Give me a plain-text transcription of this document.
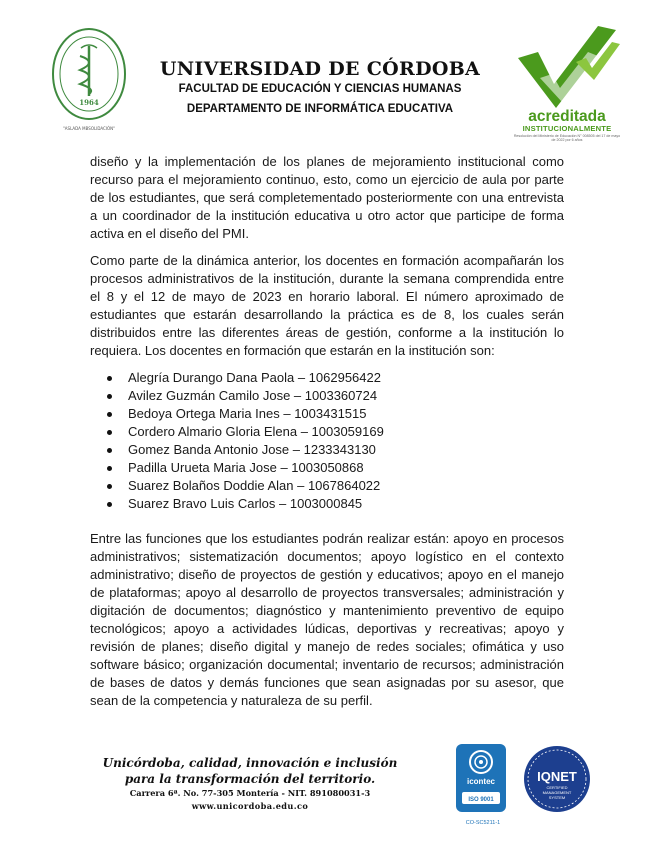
1964
"ASLADA MBSOLIDACIÓN"
UNIVERSIDAD DE CÓRDOBA
FACULTAD DE EDUCACIÓN Y CIENCIAS HUMANAS
DEPARTAMENTO DE INFORMÁTICA EDUCATIVA	acreditada
INSTITUCIONALMENTE
Resolución del Ministerio de Educación N° 008505 del 17 de mayo de 2022 por 6 años
diseño y la implementación de los planes de mejoramiento institucional como recurso para el mejoramiento continuo, esto, como un ejercicio de aula por parte de los estudiantes, que será completementado posteriormente con una entrevista a un coordinador de la institución educativa u otro actor que participe de forma activa en el diseño del PMI.
Como parte de la dinámica anterior, los docentes en formación acompañarán los procesos administrativos de la institución, durante la semana comprendida entre el 8 y el 12 de mayo de 2023 en horario laboral. El número aproximado de estudiantes que estarán desarrollando la práctica es de 8, los cuales serán distribuidos entre las diferentes áreas de gestión, conforme a la institución lo requiera. Los docentes en formación que estarán en la institución son:
Alegría Durango Dana Paola – 1062956422
Avilez Guzmán Camilo Jose – 1003360724
Bedoya Ortega Maria Ines – 1003431515
Cordero Almario Gloria Elena – 1003059169
Gomez Banda Antonio Jose – 1233343130
Padilla Urueta Maria Jose – 1003050868
Suarez Bolaños Doddie Alan – 1067864022
Suarez Bravo Luis Carlos – 1003000845
Entre las funciones que los estudiantes podrán realizar están: apoyo en procesos administrativos; sistematización documentos; apoyo logístico en el contexto administrativo; diseño de proyectos de gestión y educativos; apoyo en el manejo de plataformas; apoyo al desarrollo de proyectos transversales; administración y digitación de documentos; diagnóstico y mantenimiento preventivo de equipo tecnológicos; apoyo a actividades lúdicas, deportivas y recreativas; apoyo y revisión de planes; diseño digital y manejo de redes sociales; ofimática y uso software básico; organización documental; inventario de recursos; administración de bases de datos y demás funciones que sean asignadas por su asesor, que sean de la competencia y naturaleza de su perfil.
Unicórdoba, calidad, innovación e inclusión
para la transformación del territorio.
Carrera 6ª. No. 77-305 Montería - NIT. 891080031-3
www.unicordoba.edu.co
icontec
ISO 9001
IQNET
CERTIFIED
MANAGEMENT
SYSTEM
CO-SC5211-1
